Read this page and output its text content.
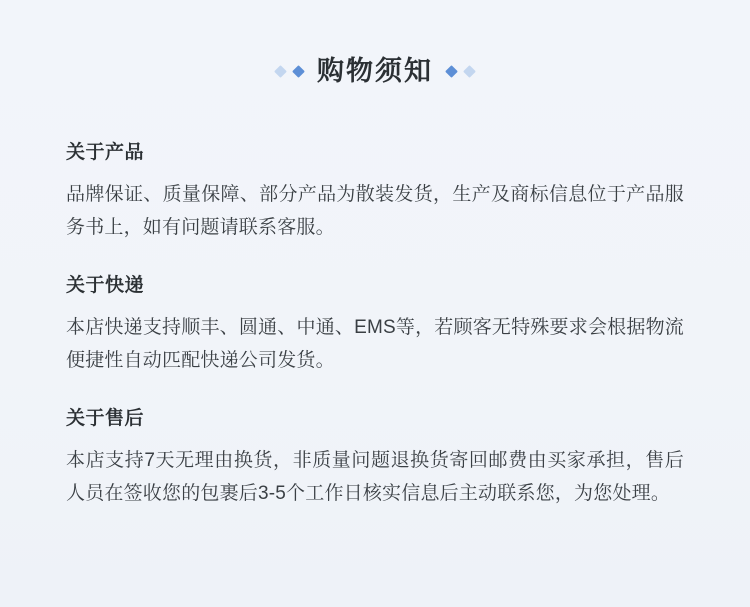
购物须知
关于产品

品牌保证、质量保障、部分产品为散装发货，生产及商标信息位于产品服务书上，如有问题请联系客服。

关于快递

本店快递支持顺丰、圆通、中通、EMS等，若顾客无特殊要求会根据物流便捷性自动匹配快递公司发货。

关于售后

本店支持7天无理由换货，非质量问题退换货寄回邮费由买家承担，售后人员在签收您的包裹后3-5个工作日核实信息后主动联系您，为您处理。
